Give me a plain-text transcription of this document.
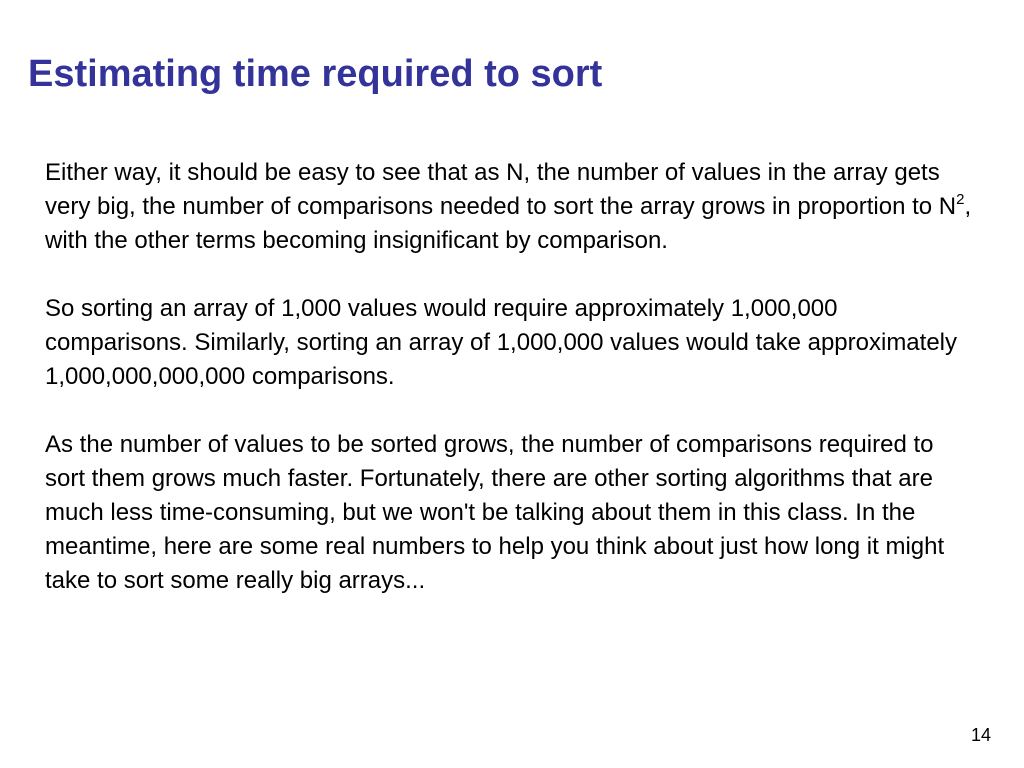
Estimating time required to sort

Either way, it should be easy to see that as N, the number of values in the array gets very big, the number of comparisons needed to sort the array grows in proportion to $N^2$, with the other terms becoming insignificant by comparison.

So sorting an array of 1,000 values would require approximately 1,000,000 comparisons. Similarly, sorting an array of 1,000,000 values would take approximately 1,000,000,000,000 comparisons.

As the number of values to be sorted grows, the number of comparisons required to sort them grows much faster. Fortunately, there are other sorting algorithms that are much less time-consuming, but we won't be talking about them in this class. In the meantime, here are some real numbers to help you think about just how long it might take to sort some really big arrays...

14
